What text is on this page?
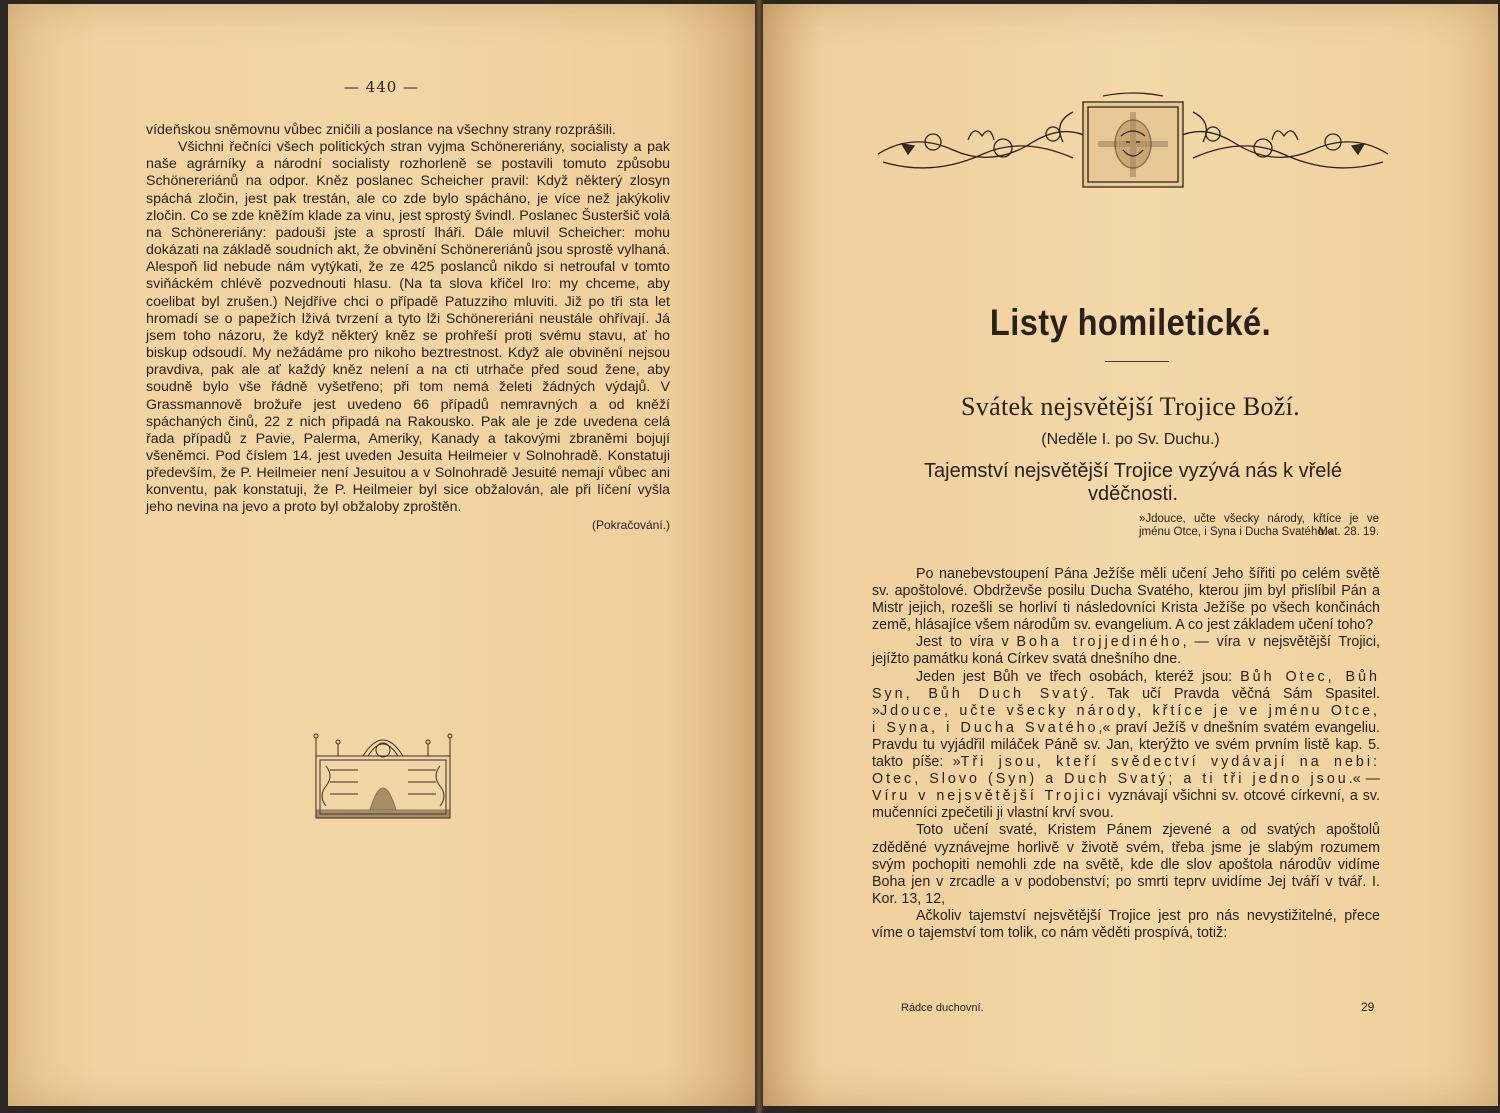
— 440 —

vídeňskou sněmovnu vůbec zničili a poslance na všechny strany rozprášili.

Všichni řečníci všech politických stran vyjma Schönereriány, socialisty a pak naše agrárníky a národní socialisty rozhorleně se postavili tomuto způsobu Schönereriánů na odpor. Kněz poslanec Scheicher pravil: Když některý zlosyn spáchá zločin, jest pak trestán, ale co zde bylo spácháno, je více než jakýkoliv zločin. Co se zde kněžím klade za vinu, jest sprostý švindl. Poslanec Šusteršič volá na Schönereriány: padouši jste a sprostí lháři. Dále mluvil Scheicher: mohu dokázati na základě soudních akt, že obvinění Schönereriánů jsou sprostě vylhaná. Alespoň lid nebude nám vytýkati, že ze 425 poslanců nikdo si netroufal v tomto sviňáckém chlévě pozvednouti hlasu. (Na ta slova křičel Iro: my chceme, aby coelibat byl zrušen.) Nejdříve chci o případě Patuzziho mluviti. Již po tři sta let hromadí se o papežích lživá tvrzení a tyto lži Schönereriáni neustále ohřívají. Já jsem toho názoru, že když některý kněz se prohřeší proti svému stavu, ať ho biskup odsoudí. My nežádáme pro nikoho beztrestnost. Když ale obvinění nejsou pravdiva, pak ale ať každý kněz nelení a na cti utrhače před soud žene, aby soudně bylo vše řádně vyšetřeno; při tom nemá želeti žádných výdajů. V Grassmannově brožuře jest uvedeno 66 případů nemravných a od kněží spáchaných činů, 22 z nich připadá na Rakousko. Pak ale je zde uvedena celá řada případů z Pavie, Palerma, Ameriky, Kanady a takovými zbraněmi bojují všeněmci. Pod číslem 14. jest uveden Jesuita Heilmeier v Solnohradě. Konstatuji především, že P. Heilmeier není Jesuitou a v Solnohradě Jesuité nemají vůbec ani konventu, pak konstatuji, že P. Heilmeier byl sice obžalován, ale při líčení vyšla jeho nevina na jevo a proto byl obžaloby zproštěn.

(Pokračování.)

Listy homiletické.
Svátek nejsvětější Trojice Boží.
(Neděle I. po Sv. Duchu.)
Tajemství nejsvětější Trojice vyzývá nás k vřelé vděčnosti.
»Jdouce, učte všecky národy, křtíce je ve jménu Otce, i Syna i Ducha Svatého.«
Mat. 28. 19.

Po nanebevstoupení Pána Ježíše měli učení Jeho šířiti po celém světě sv. apoštolové. Obdrževše posilu Ducha Svatého, kterou jim byl přislíbil Pán a Mistr jejich, rozešli se horliví ti následovníci Krista Ježíše po všech končinách země, hlásajíce všem národům sv. evangelium. A co jest základem učení toho?

Jest to víra v Boha trojjediného, — víra v nejsvětější Trojici, jejížto památku koná Církev svatá dnešního dne.

Jeden jest Bůh ve třech osobách, kteréž jsou: Bůh Otec, Bůh Syn, Bůh Duch Svatý. Tak učí Pravda věčná Sám Spasitel. »Jdouce, učte všecky národy, křtíce je ve jménu Otce, i Syna, i Ducha Svatého,« praví Ježíš v dnešním svatém evangeliu. Pravdu tu vyjádřil miláček Páně sv. Jan, kterýžto ve svém prvním listě kap. 5. takto píše: »Tři jsou, kteří svědectví vydávají na nebi: Otec, Slovo (Syn) a Duch Svatý; a ti tři jedno jsou.« — Víru v nejsvětější Trojici vyznávají všichni sv. otcové církevní, a sv. mučenníci zpečetili ji vlastní krví svou.

Toto učení svaté, Kristem Pánem zjevené a od svatých apoštolů zděděné vyznávejme horlivě v životě svém, třeba jsme je slabým rozumem svým pochopiti nemohli zde na světě, kde dle slov apoštola národův vidíme Boha jen v zrcadle a v podobenství; po smrti teprv uvidíme Jej tváří v tvář. I. Kor. 13, 12,

Ačkoliv tajemství nejsvětější Trojice jest pro nás nevystižitelné, přece víme o tajemství tom tolik, co nám věděti prospívá, totiž:

Rádce duchovní.	29
